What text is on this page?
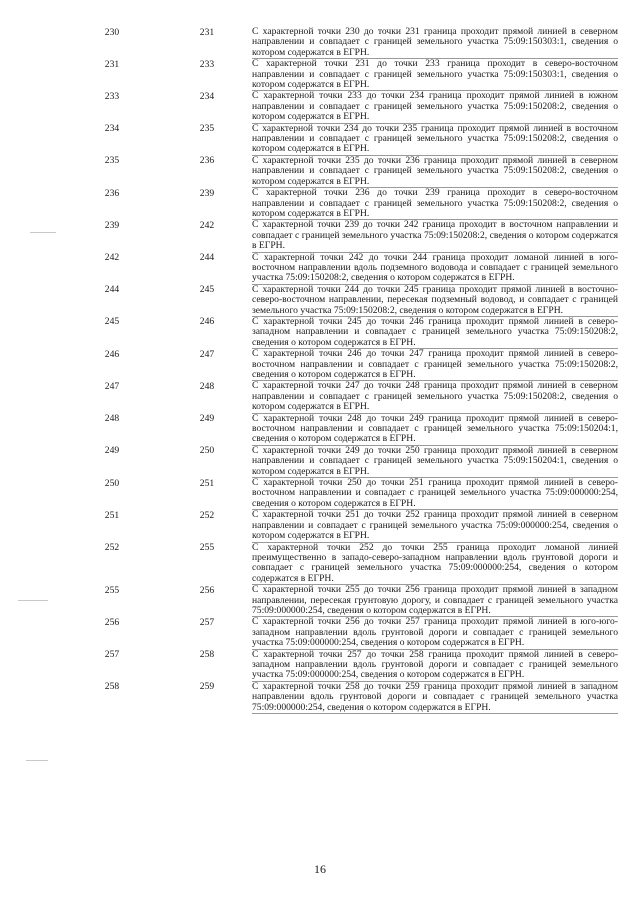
230	231	С характерной точки 230 до точки 231 граница проходит прямой линией в северном направлении и совпадает с границей земельного участка 75:09:150303:1, сведения о котором содержатся в ЕГРН.
231	233	С характерной точки 231 до точки 233 граница проходит в северо-восточном направлении и совпадает с границей земельного участка 75:09:150303:1, сведения о котором содержатся в ЕГРН.
233	234	С характерной точки 233 до точки 234 граница проходит прямой линией в южном направлении и совпадает с границей земельного участка 75:09:150208:2, сведения о котором содержатся в ЕГРН.
234	235	С характерной точки 234 до точки 235 граница проходит прямой линией в восточном направлении и совпадает с границей земельного участка 75:09:150208:2, сведения о котором содержатся в ЕГРН.
235	236	С характерной точки 235 до точки 236 граница проходит прямой линией в северном направлении и совпадает с границей земельного участка 75:09:150208:2, сведения о котором содержатся в ЕГРН.
236	239	С характерной точки 236 до точки 239 граница проходит в северо-восточном направлении и совпадает с границей земельного участка 75:09:150208:2, сведения о котором содержатся в ЕГРН.
239	242	С характерной точки 239 до точки 242 граница проходит в восточном направлении и совпадает с границей земельного участка 75:09:150208:2, сведения о котором содержатся в ЕГРН.
242	244	С характерной точки 242 до точки 244 граница проходит ломаной линией в юго-восточном направлении вдоль подземного водовода и совпадает с границей земельного участка 75:09:150208:2, сведения о котором содержатся в ЕГРН.
244	245	С характерной точки 244 до точки 245 граница проходит прямой линией в восточно-северо-восточном направлении, пересекая подземный водовод, и совпадает с границей земельного участка 75:09:150208:2, сведения о котором содержатся в ЕГРН.
245	246	С характерной точки 245 до точки 246 граница проходит прямой линией в северо-западном направлении и совпадает с границей земельного участка 75:09:150208:2, сведения о котором содержатся в ЕГРН.
246	247	С характерной точки 246 до точки 247 граница проходит прямой линией в северо-восточном направлении и совпадает с границей земельного участка 75:09:150208:2, сведения о котором содержатся в ЕГРН.
247	248	С характерной точки 247 до точки 248 граница проходит прямой линией в северном направлении и совпадает с границей земельного участка 75:09:150208:2, сведения о котором содержатся в ЕГРН.
248	249	С характерной точки 248 до точки 249 граница проходит прямой линией в северо-восточном направлении и совпадает с границей земельного участка 75:09:150204:1, сведения о котором содержатся в ЕГРН.
249	250	С характерной точки 249 до точки 250 граница проходит прямой линией в северном направлении и совпадает с границей земельного участка 75:09:150204:1, сведения о котором содержатся в ЕГРН.
250	251	С характерной точки 250 до точки 251 граница проходит прямой линией в северо-восточном направлении и совпадает с границей земельного участка 75:09:000000:254, сведения о котором содержатся в ЕГРН.
251	252	С характерной точки 251 до точки 252 граница проходит прямой линией в северном направлении и совпадает с границей земельного участка 75:09:000000:254, сведения о котором содержатся в ЕГРН.
252	255	С характерной точки 252 до точки 255 граница проходит ломаной линией преимущественно в западо-северо-западном направлении вдоль грунтовой дороги и совпадает с границей земельного участка 75:09:000000:254, сведения о котором содержатся в ЕГРН.
255	256	С характерной точки 255 до точки 256 граница проходит прямой линией в западном направлении, пересекая грунтовую дорогу, и совпадает с границей земельного участка 75:09:000000:254, сведения о котором содержатся в ЕГРН.
256	257	С характерной точки 256 до точки 257 граница проходит прямой линией в юго-юго-западном направлении вдоль грунтовой дороги и совпадает с границей земельного участка 75:09:000000:254, сведения о котором содержатся в ЕГРН.
257	258	С характерной точки 257 до точки 258 граница проходит прямой линией в северо-западном направлении вдоль грунтовой дороги и совпадает с границей земельного участка 75:09:000000:254, сведения о котором содержатся в ЕГРН.
258	259	С характерной точки 258 до точки 259 граница проходит прямой линией в западном направлении вдоль грунтовой дороги и совпадает с границей земельного участка 75:09:000000:254, сведения о котором содержатся в ЕГРН.
16
